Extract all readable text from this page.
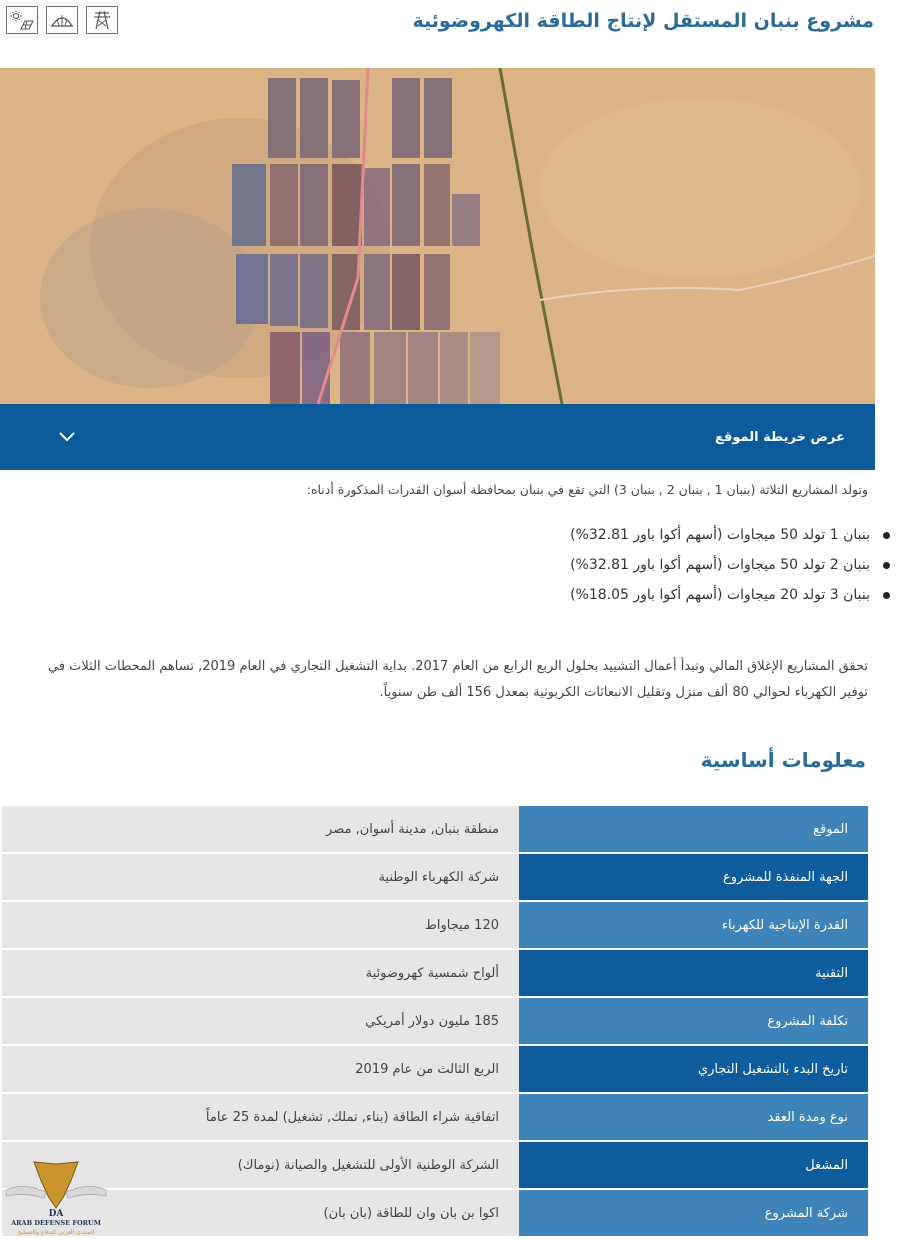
مشروع بنبان المستقل لإنتاج الطاقة الكهروضوئية
عرض خريطة الموقع

وتولد المشاريع الثلاثة (بنبان 1 , بنبان 2 , بنبان 3) التي تقع في بنبان بمحافظة أسوان القدرات المذكورة أدناه:

بنبان 1 تولد 50 ميجاوات (أسهم أكوا باور 32.81%)
بنبان 2 تولد 50 ميجاوات (أسهم أكوا باور 32.81%)
بنبان 3 تولد 20 ميجاوات (أسهم أكوا باور 18.05%)

تحقق المشاريع الإغلاق المالي وتبدأ أعمال التشييد بحلول الربع الرابع من العام 2017. بداية التشغيل التجاري في العام 2019, تساهم المحطات الثلاث في توفير الكهرباء لحوالي 80 ألف منزل وتقليل الانبعاثات الكربونية بمعدل 156 ألف طن سنوياً.

معلومات أساسية
الموقع
منطقة بنبان, مدينة أسوان, مصر
الجهة المنفذة للمشروع
شركة الكهرباء الوطنية
القدرة الإنتاجية للكهرباء
120 ميجاواط
التقنية
ألواح شمسية كهروضوئية
تكلفة المشروع
185 مليون دولار أمريكي
تاريخ البدء بالتشغيل التجاري
الربع الثالث من عام 2019
نوع ومدة العقد
اتفاقية شراء الطاقة (بناء, تملك, تشغيل) لمدة 25 عاماً
المشغل
الشركة الوطنية الأولى للتشغيل والصيانة (نوماك)
شركة المشروع
اكوا بن بان وان للطاقة (بان بان)
DA
ARAB DEFENSE FORUM
المنتدى العربي للدفاع والتسليح
